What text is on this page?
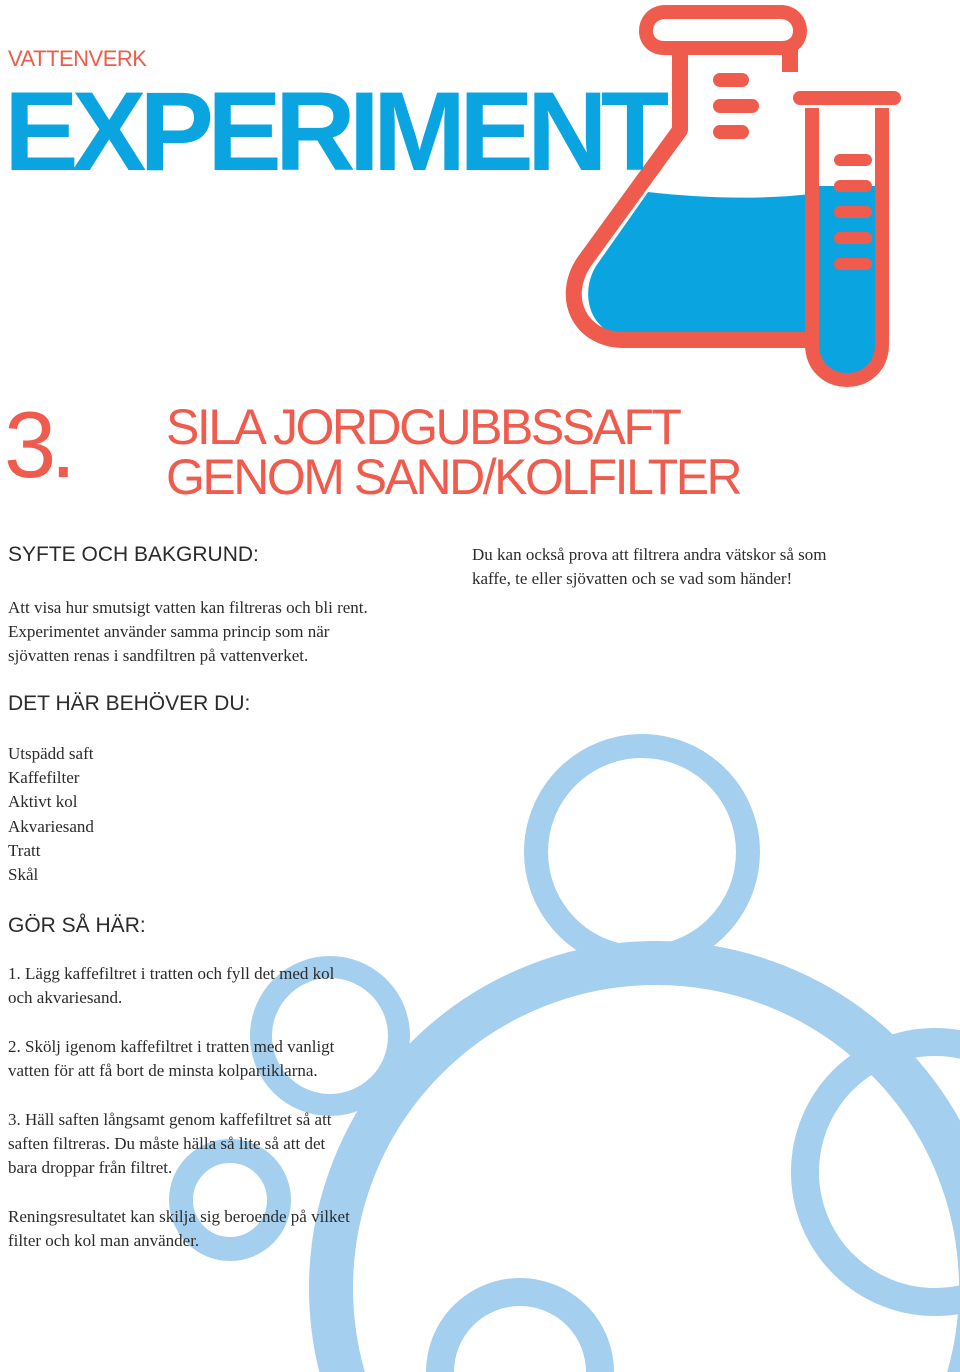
VATTENVERK
EXPERIMENT
3. SILA JORDGUBBSSAFT
GENOM SAND/KOLFILTER
SYFTE OCH BAKGRUND:
Att visa hur smutsigt vatten kan filtreras och bli rent.
Experimentet använder samma princip som när
sjövatten renas i sandfiltren på vattenverket.
Du kan också prova att filtrera andra vätskor så som
kaffe, te eller sjövatten och se vad som händer!
DET HÄR BEHÖVER DU:
Utspädd saft
Kaffefilter
Aktivt kol
Akvariesand
Tratt
Skål
GÖR SÅ HÄR:
1. Lägg kaffefiltret i tratten och fyll det med kol
och akvariesand.
2. Skölj igenom kaffefiltret i tratten med vanligt
vatten för att få bort de minsta kolpartiklarna.
3. Häll saften långsamt genom kaffefiltret så att
saften filtreras. Du måste hälla så lite så att det
bara droppar från filtret.
Reningsresultatet kan skilja sig beroende på vilket
filter och kol man använder.
